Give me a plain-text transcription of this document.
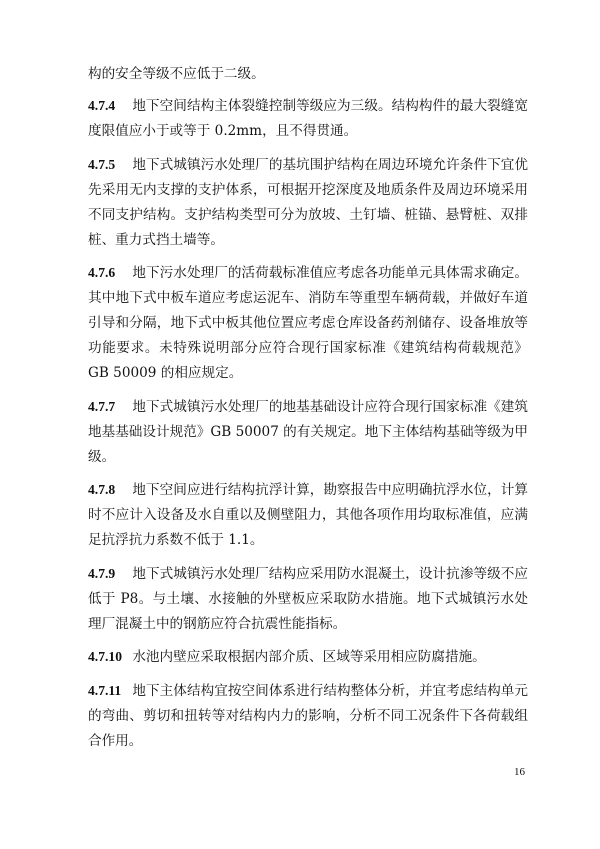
构的安全等级不应低于二级。

4.7.4 地下空间结构主体裂缝控制等级应为三级。结构构件的最大裂缝宽度限值应小于或等于 0.2mm，且不得贯通。

4.7.5 地下式城镇污水处理厂的基坑围护结构在周边环境允许条件下宜优先采用无内支撑的支护体系，可根据开挖深度及地质条件及周边环境采用不同支护结构。支护结构类型可分为放坡、土钉墙、桩锚、悬臂桩、双排桩、重力式挡土墙等。

4.7.6 地下污水处理厂的活荷载标准值应考虑各功能单元具体需求确定。其中地下式中板车道应考虑运泥车、消防车等重型车辆荷载，并做好车道引导和分隔，地下式中板其他位置应考虑仓库设备药剂储存、设备堆放等功能要求。未特殊说明部分应符合现行国家标准《建筑结构荷载规范》GB 50009 的相应规定。

4.7.7 地下式城镇污水处理厂的地基基础设计应符合现行国家标准《建筑地基基础设计规范》GB 50007 的有关规定。地下主体结构基础等级为甲级。

4.7.8 地下空间应进行结构抗浮计算，勘察报告中应明确抗浮水位，计算时不应计入设备及水自重以及侧壁阻力，其他各项作用均取标准值，应满足抗浮抗力系数不低于 1.1。

4.7.9 地下式城镇污水处理厂结构应采用防水混凝土，设计抗渗等级不应低于 P8。与土壤、水接触的外壁板应采取防水措施。地下式城镇污水处理厂混凝土中的钢筋应符合抗震性能指标。

4.7.10 水池内壁应采取根据内部介质、区域等采用相应防腐措施。

4.7.11 地下主体结构宜按空间体系进行结构整体分析，并宜考虑结构单元的弯曲、剪切和扭转等对结构内力的影响，分析不同工况条件下各荷载组合作用。

16
